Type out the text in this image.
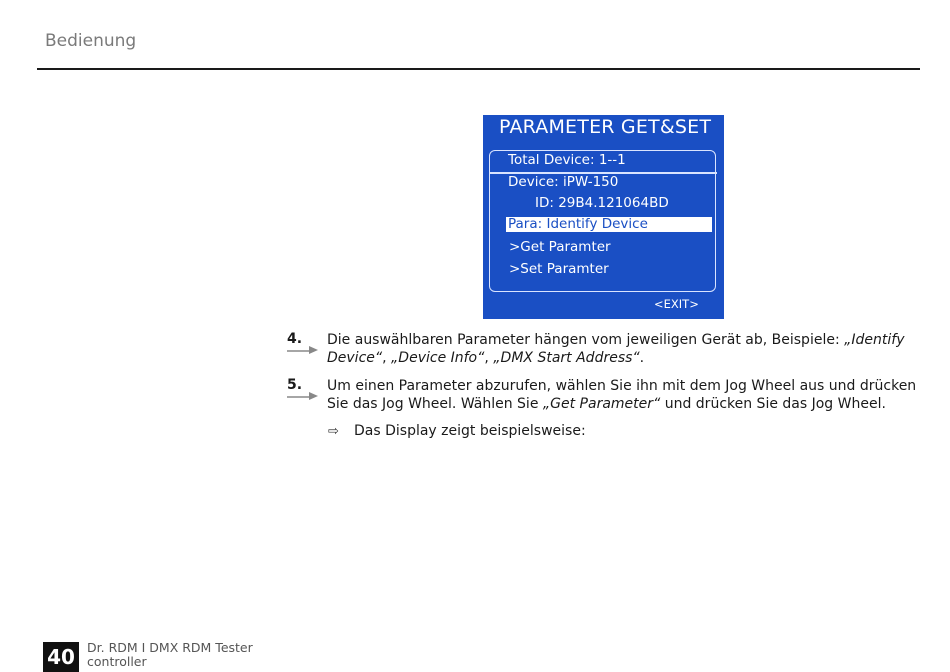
Bedienung
PARAMETER GET&SET
Total Device: 1--1
Device: iPW-150
ID: 29B4.121064BD
Para: Identify Device
>Get Paramter
>Set Paramter
<EXIT>
4. Die auswählbaren Parameter hängen vom jeweiligen Gerät ab, Beispiele: „Identify Device“, „Device Info“, „DMX Start Address“.
5. Um einen Parameter abzurufen, wählen Sie ihn mit dem Jog Wheel aus und drücken Sie das Jog Wheel. Wählen Sie „Get Parameter“ und drücken Sie das Jog Wheel.
⇨ Das Display zeigt beispielsweise:
40 Dr. RDM I DMX RDM Tester controller
